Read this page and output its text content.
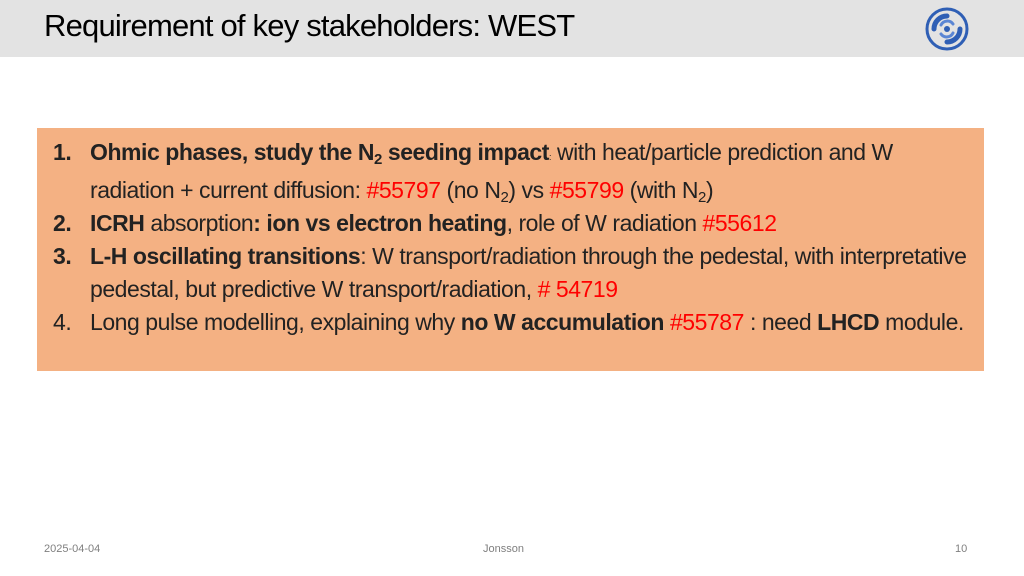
Requirement of key stakeholders: WEST
1. Ohmic phases, study the $N_2$ seeding impact: with heat/particle prediction and W radiation + current diffusion: #55797 (no $N_2$) vs #55799 (with $N_2$)
2. ICRH absorption: ion vs electron heating, role of W radiation #55612
3. L-H oscillating transitions: W transport/radiation through the pedestal, with interpretative pedestal, but predictive W transport/radiation, # 54719
4. Long pulse modelling, explaining why no W accumulation #55787 : need LHCD module.
2025-04-04	Jonsson	10
